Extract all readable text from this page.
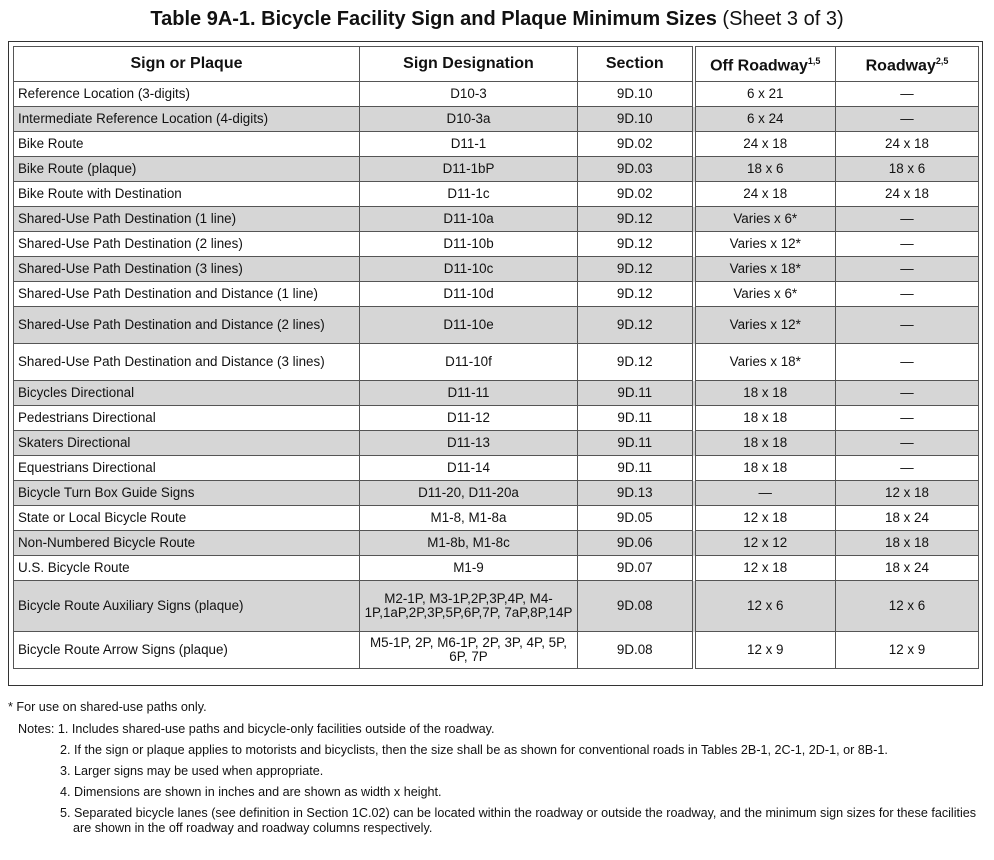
Table 9A-1. Bicycle Facility Sign and Plaque Minimum Sizes (Sheet 3 of 3)
Sign or Plaque	Sign Designation	Section	Off Roadway$^{1,5}$	Roadway$^{2,5}$
Reference Location (3-digits)	D10-3	9D.10	6 x 21	—
Intermediate Reference Location (4-digits)	D10-3a	9D.10	6 x 24	—
Bike Route	D11-1	9D.02	24 x 18	24 x 18
Bike Route (plaque)	D11-1bP	9D.03	18 x 6	18 x 6
Bike Route with Destination	D11-1c	9D.02	24 x 18	24 x 18
Shared-Use Path Destination (1 line)	D11-10a	9D.12	Varies x 6*	—
Shared-Use Path Destination (2 lines)	D11-10b	9D.12	Varies x 12*	—
Shared-Use Path Destination (3 lines)	D11-10c	9D.12	Varies x 18*	—
Shared-Use Path Destination and Distance (1 line)	D11-10d	9D.12	Varies x 6*	—
Shared-Use Path Destination and Distance (2 lines)	D11-10e	9D.12	Varies x 12*	—
Shared-Use Path Destination and Distance (3 lines)	D11-10f	9D.12	Varies x 18*	—
Bicycles Directional	D11-11	9D.11	18 x 18	—
Pedestrians Directional	D11-12	9D.11	18 x 18	—
Skaters Directional	D11-13	9D.11	18 x 18	—
Equestrians Directional	D11-14	9D.11	18 x 18	—
Bicycle Turn Box Guide Signs	D11-20, D11-20a	9D.13	—	12 x 18
State or Local Bicycle Route	M1-8, M1-8a	9D.05	12 x 18	18 x 24
Non-Numbered Bicycle Route	M1-8b, M1-8c	9D.06	12 x 12	18 x 18
U.S. Bicycle Route	M1-9	9D.07	12 x 18	18 x 24
Bicycle Route Auxiliary Signs (plaque)	M2-1P, M3-1P,2P,3P,4P, M4-1P,1aP,2P,3P,5P,6P,7P, 7aP,8P,14P	9D.08	12 x 6	12 x 6
Bicycle Route Arrow Signs (plaque)	M5-1P, 2P, M6-1P, 2P, 3P, 4P, 5P, 6P, 7P	9D.08	12 x 9	12 x 9

* For use on shared-use paths only.

Notes: 1. Includes shared-use paths and bicycle-only facilities outside of the roadway.

2. If the sign or plaque applies to motorists and bicyclists, then the size shall be as shown for conventional roads in Tables 2B-1, 2C-1, 2D-1, or 8B-1.

3. Larger signs may be used when appropriate.

4. Dimensions are shown in inches and are shown as width x height.

5. Separated bicycle lanes (see definition in Section 1C.02) can be located within the roadway or outside the roadway, and the minimum sign sizes for these facilities are shown in the off roadway and roadway columns respectively.
